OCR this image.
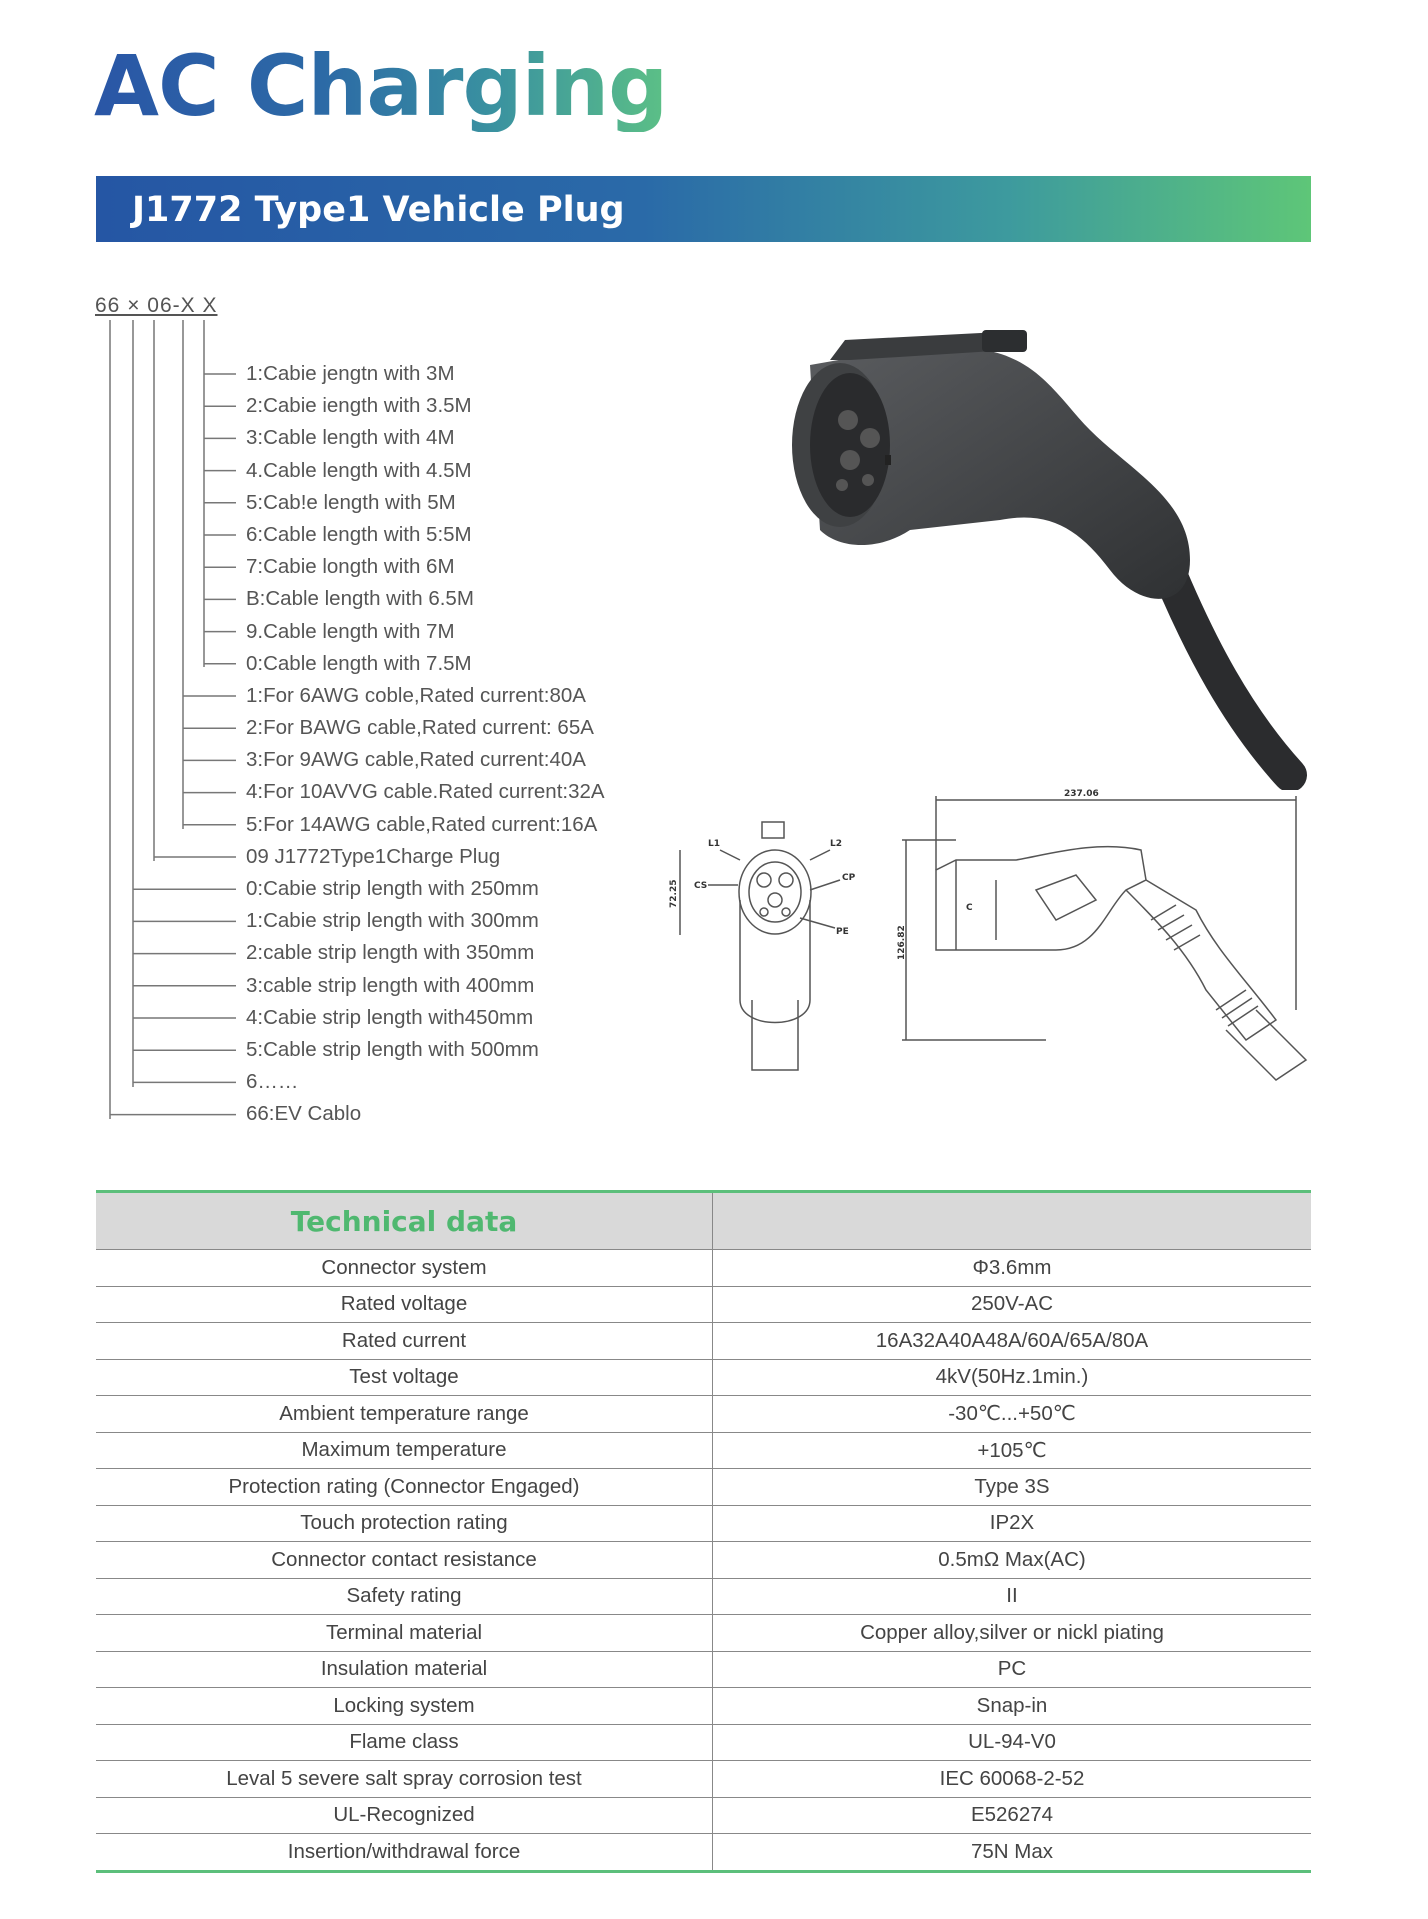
AC Charging
J1772 Type1 Vehicle Plug
66 × 06-X X
1:Cabie jengtn with 3M
2:Cabie iength with 3.5M
3:Cable length with 4M
4.Cable length with 4.5M
5:Cab!e length with 5M
6:Cable length with 5:5M
7:Cabie longth with 6M
B:Cable length with 6.5M
9.Cable length with 7M
0:Cable length with 7.5M
1:For 6AWG coble,Rated current:80A
2:For BAWG cable,Rated current: 65A
3:For 9AWG cable,Rated current:40A
4:For 10AVVG cable.Rated current:32A
5:For 14AWG cable,Rated current:16A
09 J1772Type1Charge Plug
0:Cabie strip length with 250mm
1:Cabie strip length with 300mm
2:cable strip length with 350mm
3:cable strip length with 400mm
4:Cabie strip length with450mm
5:Cable strip length with 500mm
6……
66:EV Cablo
L1	L2
CP
CS
PE
72.25
237.06
126.82
C
Technical data	
Connector system	Φ3.6mm
Rated voltage	250V-AC
Rated current	16A32A40A48A/60A/65A/80A
Test voltage	4kV(50Hz.1min.)
Ambient temperature range	-30℃...+50℃
Maximum temperature	+105℃
Protection rating (Connector Engaged)	Type 3S
Touch protection rating	IP2X
Connector contact resistance	0.5mΩ Max(AC)
Safety rating	II
Terminal material	Copper alloy,silver or nickl piating
Insulation material	PC
Locking system	Snap-in
Flame class	UL-94-V0
Leval 5 severe salt spray corrosion test	IEC 60068-2-52
UL-Recognized	E526274
Insertion/withdrawal force	75N Max
